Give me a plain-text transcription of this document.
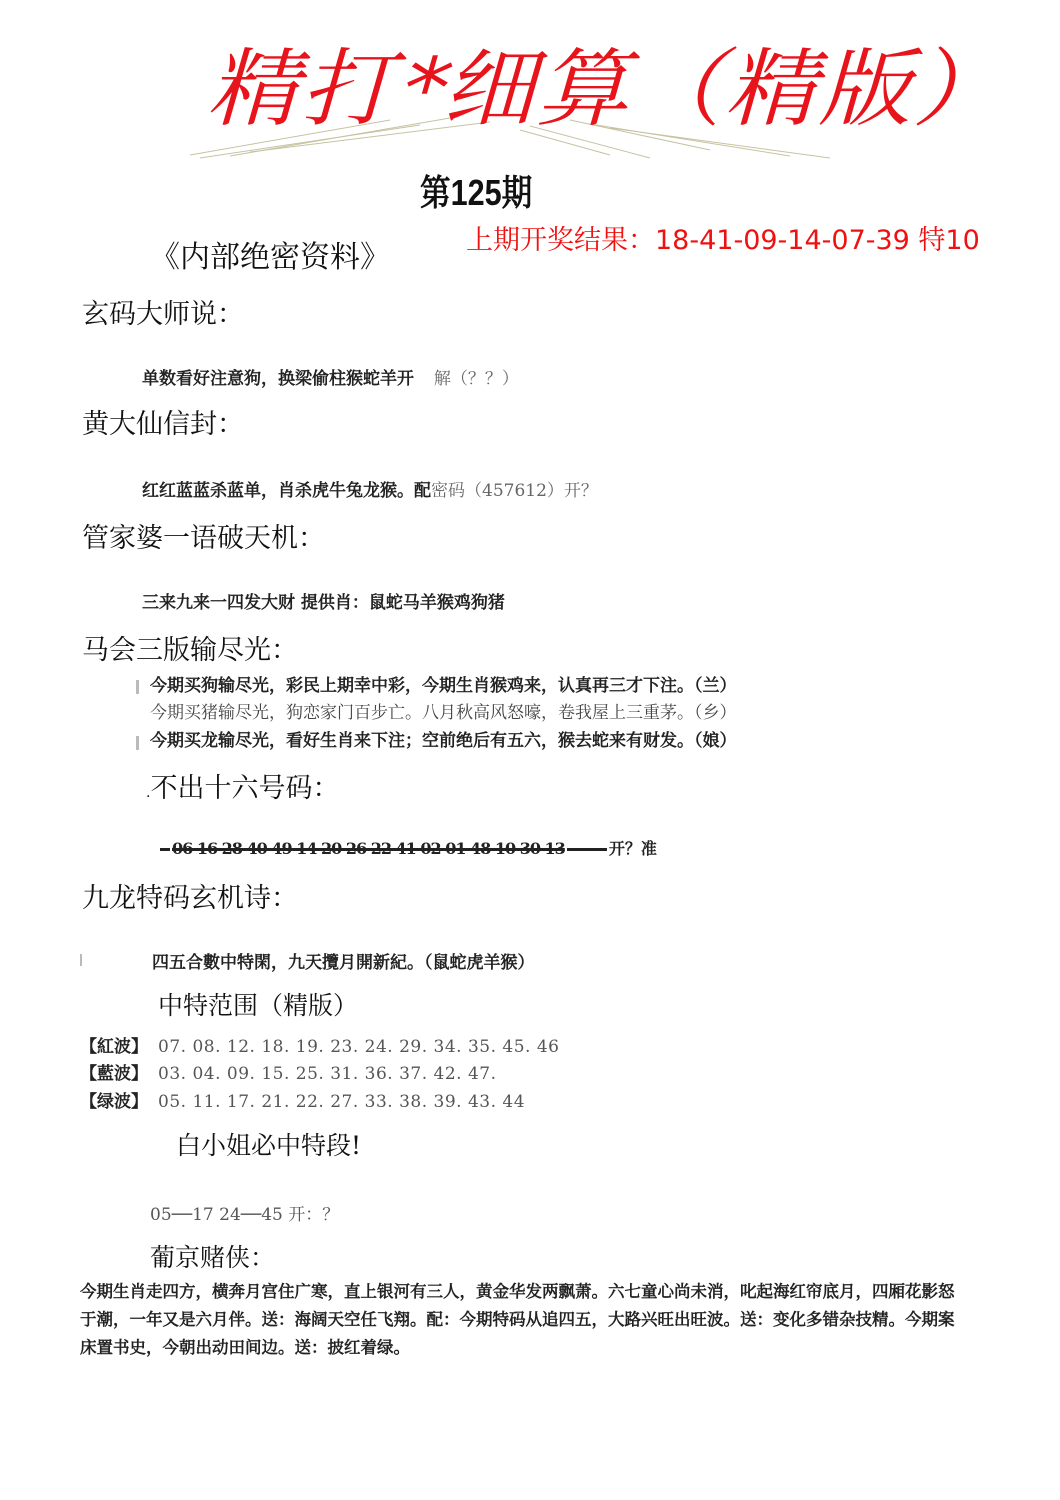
精打*细算（精版）
第125期
《内部绝密资料》	上期开奖结果：18-41-09-14-07-39 特10
玄码大师说：
单数看好注意狗，换梁偷柱猴蛇羊开 解（？？）
黄大仙信封：
红红蓝蓝杀蓝单，肖杀虎牛兔龙猴。配密码（457612）开？
管家婆一语破天机：
三来九来一四发大财 提供肖：鼠蛇马羊猴鸡狗猪
马会三版输尽光：
今期买狗输尽光，彩民上期幸中彩，今期生肖猴鸡来，认真再三才下注。（兰）
今期买猪输尽光，狗恋家门百步亡。八月秋高风怒嚎，卷我屋上三重茅。（乡）
今期买龙输尽光，看好生肖来下注；空前绝后有五六，猴去蛇来有财发。（娘）
.不出十六号码：
06 16 28 40 49 14 20 26 22 41 02 01 48 10 30 13	开？准
九龙特码玄机诗：
四五合數中特閑，九天攬月開新紀。（鼠蛇虎羊猴）
中特范围（精版）
【紅波】 07. 08. 12. 18. 19. 23. 24. 29. 34. 35. 45. 46
【藍波】 03. 04. 09. 15. 25. 31. 36. 37. 42. 47.
【绿波】 05. 11. 17. 21. 22. 27. 33. 38. 39. 43. 44
白小姐必中特段!
05──17 24──45 开：？
葡京赌侠：
今期生肖走四方，横奔月宫住广寒，直上银河有三人，黄金华发两飘萧。六七童心尚未消，叱起海红帘底月，四厢花影怒于潮，一年又是六月伴。送：海阔天空任飞翔。配：今期特码从追四五，大路兴旺出旺波。送：变化多错杂技精。今期案床置书史，今朝出动田间边。送：披红着绿。
